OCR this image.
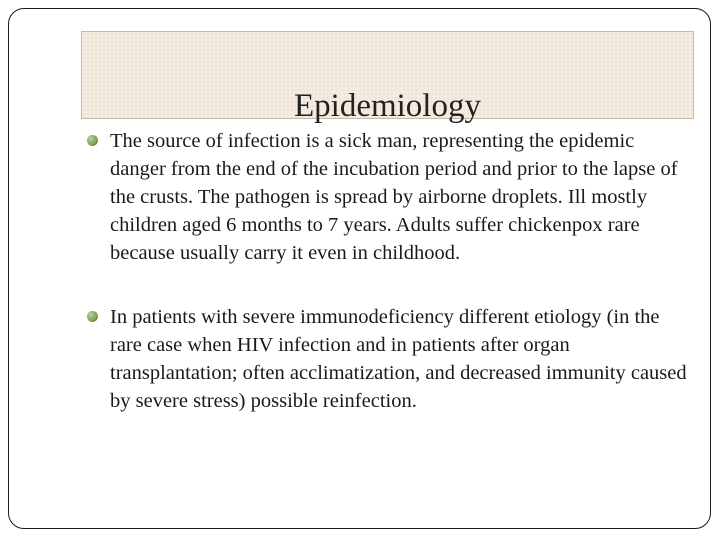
Epidemiology
The source of infection is a sick man, representing the epidemic danger from the end of the incubation period and prior to the lapse of the crusts. The pathogen is spread by airborne droplets. Ill mostly children aged 6 months to 7 years. Adults suffer chickenpox rare because usually carry it even in childhood.
In patients with severe immunodeficiency different etiology (in the rare case when HIV infection and in patients after organ transplantation; often acclimatization, and decreased immunity caused by severe stress) possible reinfection.
